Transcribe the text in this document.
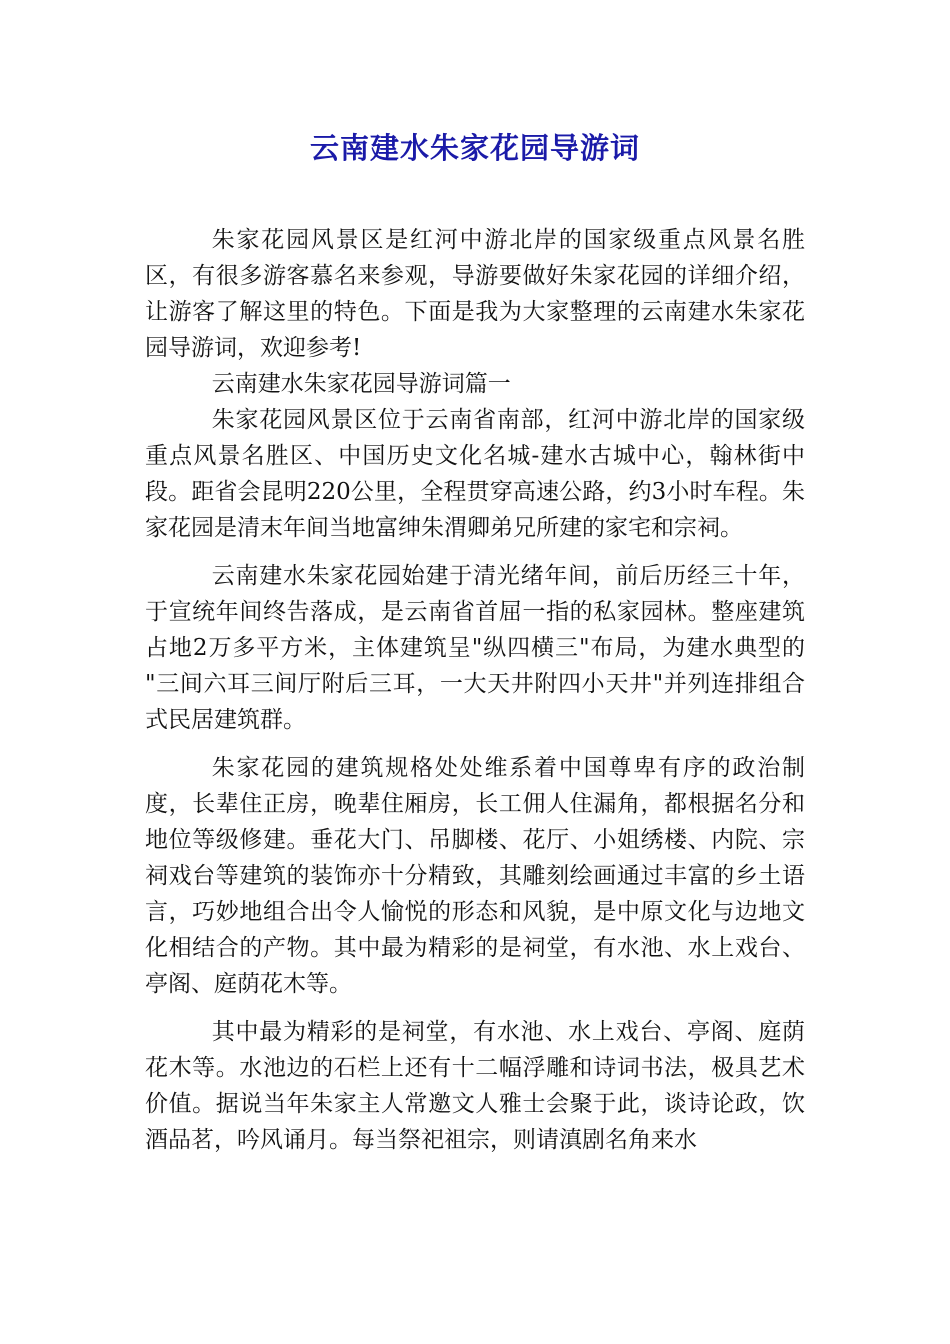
云南建水朱家花园导游词

朱家花园风景区是红河中游北岸的国家级重点风景名胜区，有很多游客慕名来参观，导游要做好朱家花园的详细介绍，让游客了解这里的特色。下面是我为大家整理的云南建水朱家花园导游词，欢迎参考!

云南建水朱家花园导游词篇一

朱家花园风景区位于云南省南部，红河中游北岸的国家级重点风景名胜区、中国历史文化名城-建水古城中心，翰林街中段。距省会昆明220公里，全程贯穿高速公路，约3小时车程。朱家花园是清末年间当地富绅朱渭卿弟兄所建的家宅和宗祠。

云南建水朱家花园始建于清光绪年间，前后历经三十年，于宣统年间终告落成，是云南省首屈一指的私家园林。整座建筑占地2万多平方米，主体建筑呈"纵四横三"布局，为建水典型的 "三间六耳三间厅附后三耳，一大天井附四小天井"并列连排组合式民居建筑群。

朱家花园的建筑规格处处维系着中国尊卑有序的政治制度，长辈住正房，晚辈住厢房，长工佣人住漏角，都根据名分和地位等级修建。垂花大门、吊脚楼、花厅、小姐绣楼、内院、宗祠戏台等建筑的装饰亦十分精致，其雕刻绘画通过丰富的乡土语言，巧妙地组合出令人愉悦的形态和风貌，是中原文化与边地文化相结合的产物。其中最为精彩的是祠堂，有水池、水上戏台、亭阁、庭荫花木等。

其中最为精彩的是祠堂，有水池、水上戏台、亭阁、庭荫花木等。水池边的石栏上还有十二幅浮雕和诗词书法，极具艺术价值。据说当年朱家主人常邀文人雅士会聚于此，谈诗论政，饮酒品茗，吟风诵月。每当祭祀祖宗，则请滇剧名角来水
